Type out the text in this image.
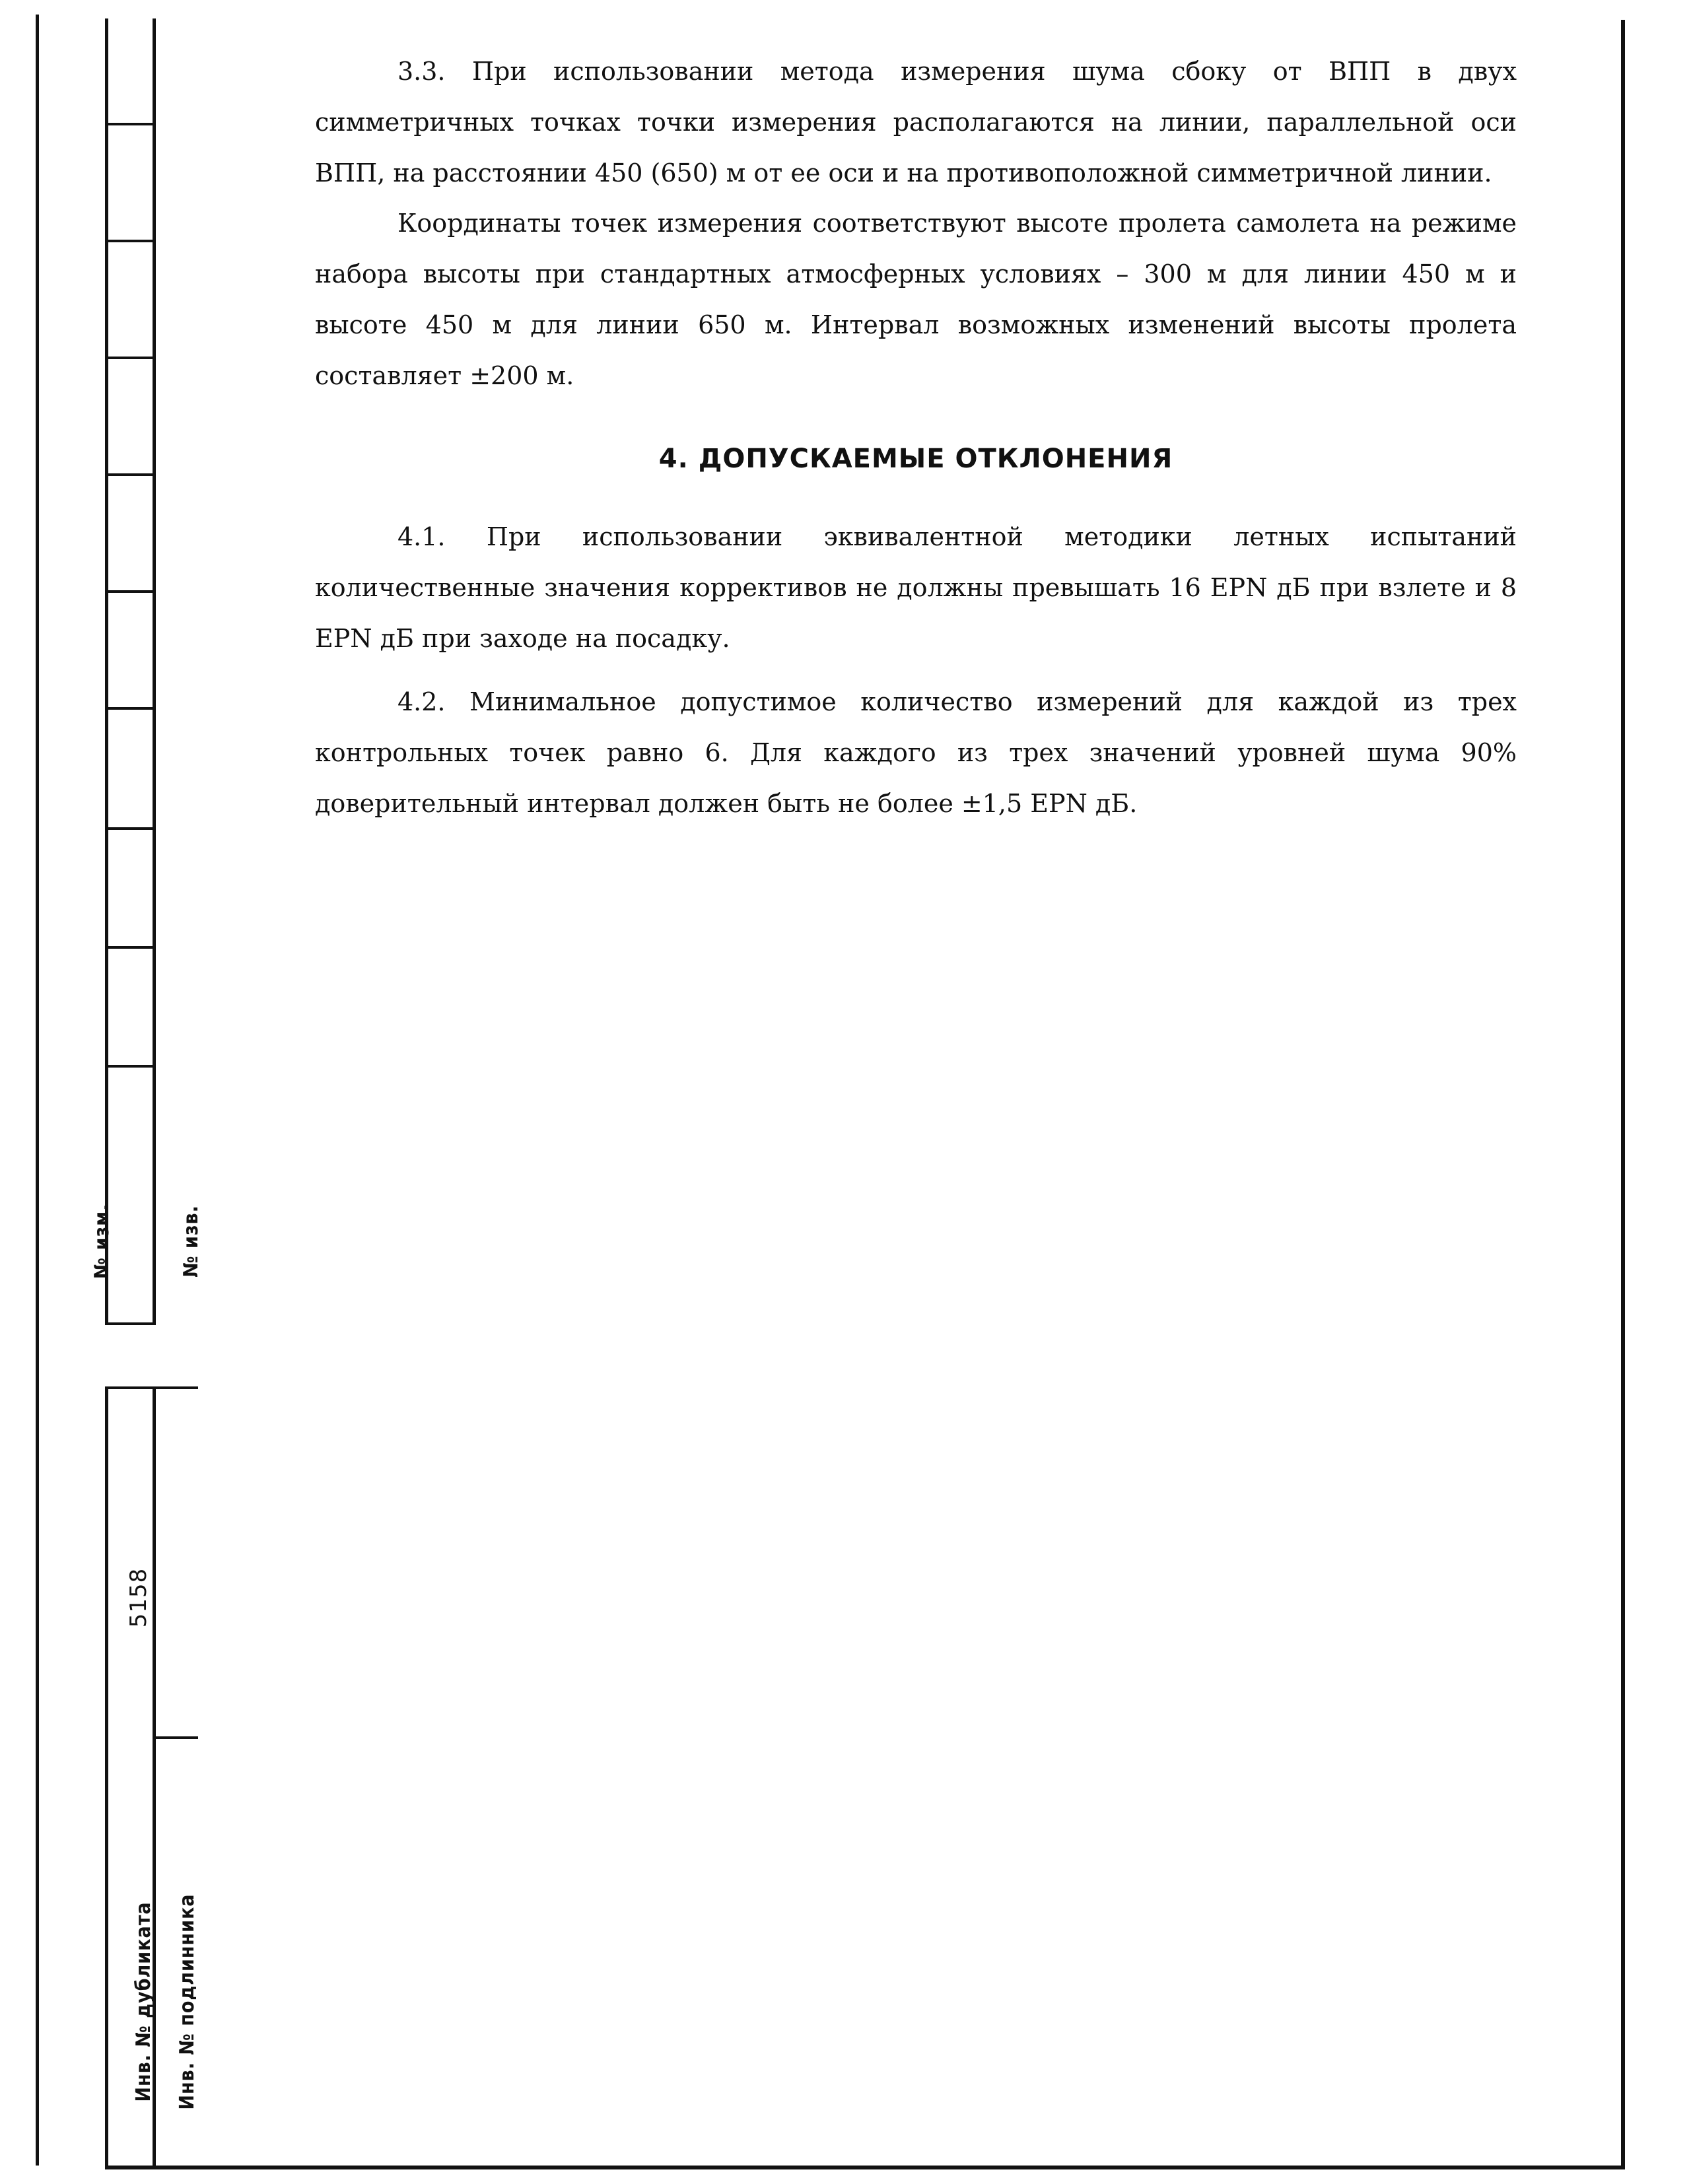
№ изм.	№ изв.
5158
Инв. № дубликата Инв. № подлинника

3.3. При использовании метода измерения шума сбоку от ВПП в двух симметричных точках точки измерения располагаются на линии, параллельной оси ВПП, на расстоянии 450 (650) м от ее оси и на противоположной симметричной линии.

Координаты точек измерения соответствуют высоте пролета самолета на режиме набора высоты при стандартных атмосферных условиях – 300 м для линии 450 м и высоте 450 м для линии 650 м. Интервал возможных изменений высоты пролета составляет ±200 м.

4. ДОПУСКАЕМЫЕ ОТКЛОНЕНИЯ

4.1. При использовании эквивалентной методики летных испытаний количественные значения коррективов не должны превышать 16 EPN дБ при взлете и 8 EPN дБ при заходе на посадку.

4.2. Минимальное допустимое количество измерений для каждой из трех контрольных точек равно 6. Для каждого из трех значений уровней шума 90% доверительный интервал должен быть не более ±1,5 EPN дБ.
